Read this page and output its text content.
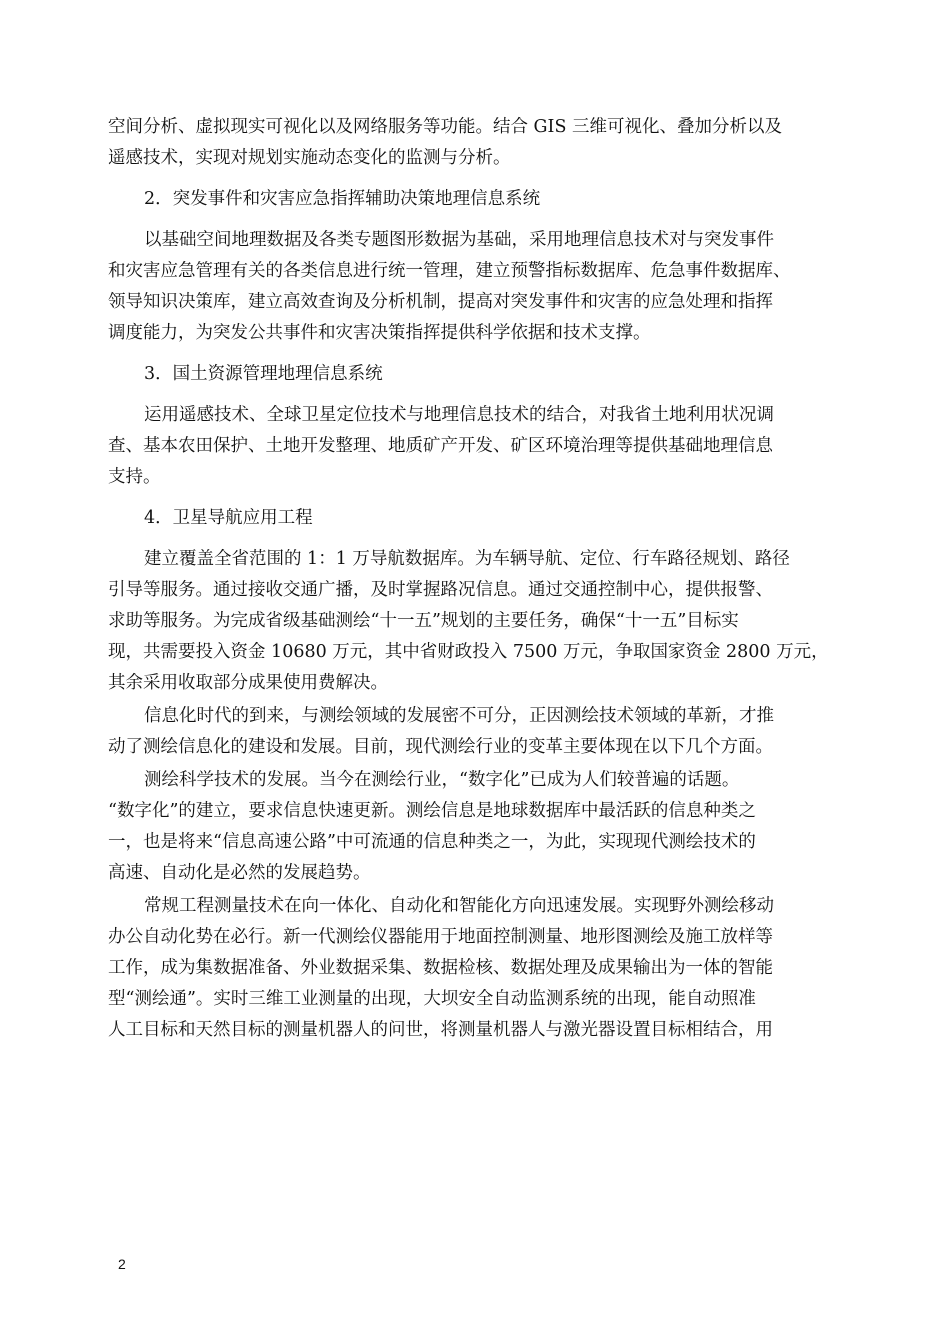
空间分析、虚拟现实可视化以及网络服务等功能。结合 GIS 三维可视化、叠加分析以及
遥感技术，实现对规划实施动态变化的监测与分析。

2．突发事件和灾害应急指挥辅助决策地理信息系统

以基础空间地理数据及各类专题图形数据为基础，采用地理信息技术对与突发事件
和灾害应急管理有关的各类信息进行统一管理，建立预警指标数据库、危急事件数据库、
领导知识决策库，建立高效查询及分析机制，提高对突发事件和灾害的应急处理和指挥
调度能力，为突发公共事件和灾害决策指挥提供科学依据和技术支撑。

3．国土资源管理地理信息系统

运用遥感技术、全球卫星定位技术与地理信息技术的结合，对我省土地利用状况调
查、基本农田保护、土地开发整理、地质矿产开发、矿区环境治理等提供基础地理信息
支持。

4．卫星导航应用工程

建立覆盖全省范围的 1：1 万导航数据库。为车辆导航、定位、行车路径规划、路径
引导等服务。通过接收交通广播，及时掌握路况信息。通过交通控制中心，提供报警、
求助等服务。为完成省级基础测绘“十一五”规划的主要任务，确保“十一五”目标实
现，共需要投入资金 10680 万元，其中省财政投入 7500 万元，争取国家资金 2800 万元，
其余采用收取部分成果使用费解决。

信息化时代的到来，与测绘领域的发展密不可分，正因测绘技术领域的革新，才推
动了测绘信息化的建设和发展。目前，现代测绘行业的变革主要体现在以下几个方面。

测绘科学技术的发展。当今在测绘行业，“数字化”已成为人们较普遍的话题。
“数字化”的建立，要求信息快速更新。测绘信息是地球数据库中最活跃的信息种类之
一，也是将来“信息高速公路”中可流通的信息种类之一，为此，实现现代测绘技术的
高速、自动化是必然的发展趋势。

常规工程测量技术在向一体化、自动化和智能化方向迅速发展。实现野外测绘移动
办公自动化势在必行。新一代测绘仪器能用于地面控制测量、地形图测绘及施工放样等
工作，成为集数据准备、外业数据采集、数据检核、数据处理及成果输出为一体的智能
型“测绘通”。实时三维工业测量的出现，大坝安全自动监测系统的出现，能自动照准
人工目标和天然目标的测量机器人的问世，将测量机器人与激光器设置目标相结合，用

2
